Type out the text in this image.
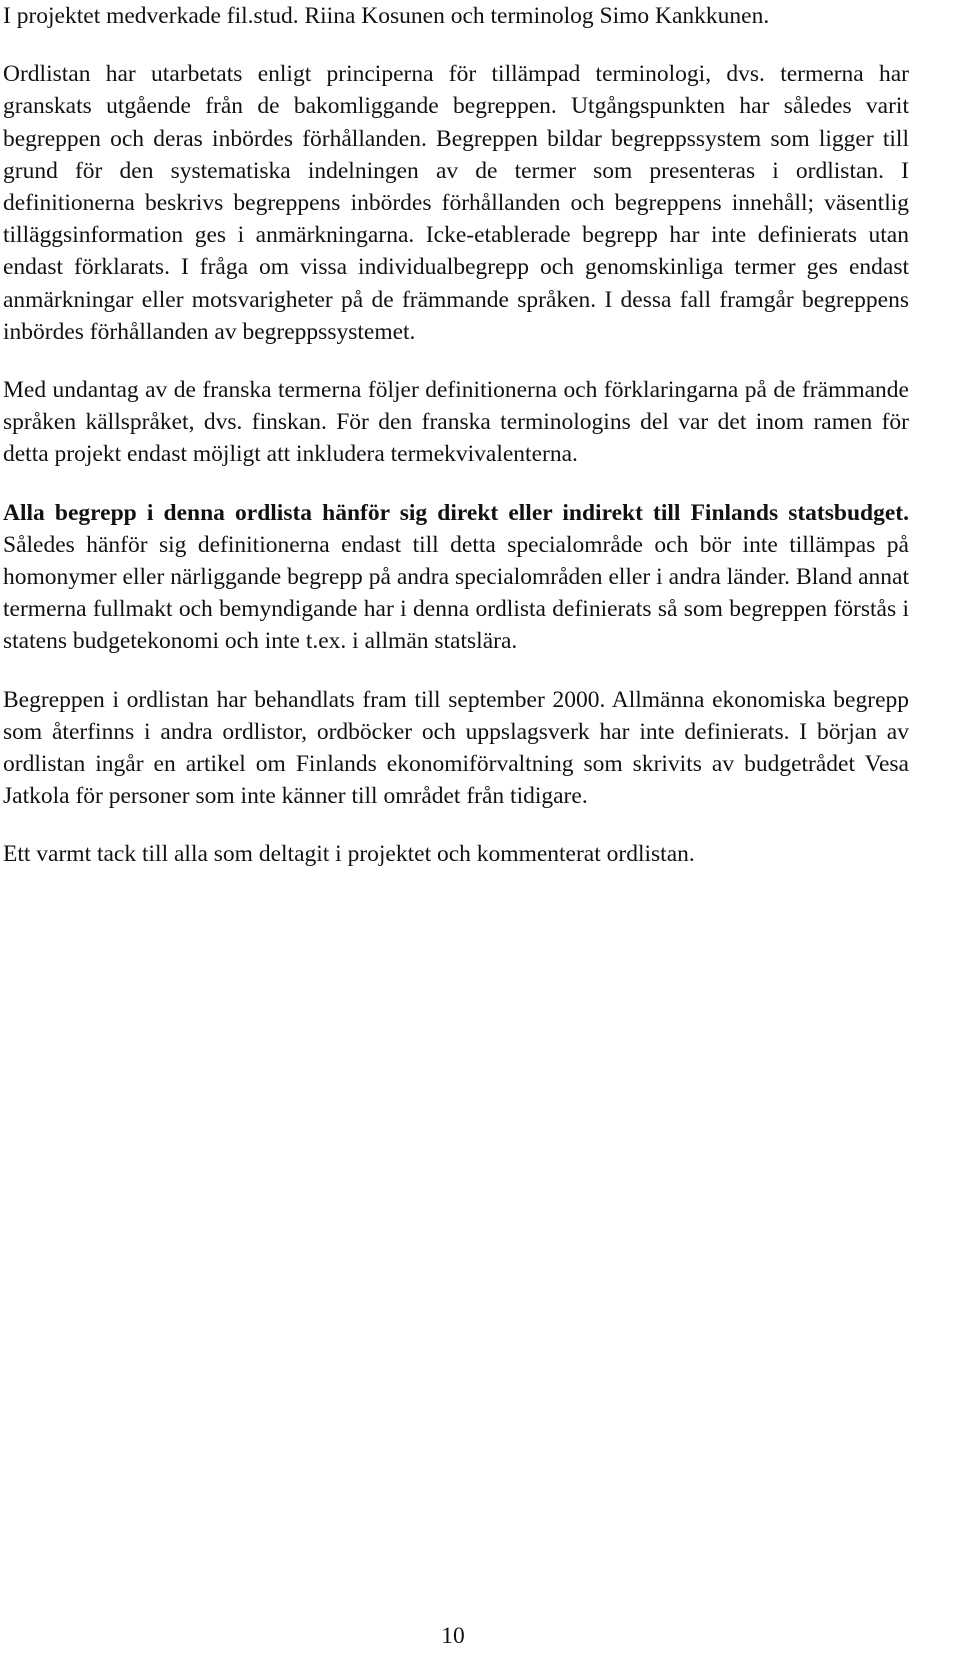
I projektet medverkade fil.stud. Riina Kosunen och terminolog Simo Kankkunen.

Ordlistan har utarbetats enligt principerna för tillämpad terminologi, dvs. termerna har granskats utgående från de bakomliggande begreppen. Utgångspunkten har således varit begreppen och deras inbördes förhållanden. Begreppen bildar begreppssystem som ligger till grund för den systematiska indelningen av de termer som presenteras i ordlistan. I definitionerna beskrivs begreppens inbördes förhållanden och begreppens innehåll; väsentlig tilläggsinformation ges i anmärkningarna. Icke-etablerade begrepp har inte definierats utan endast förklarats. I fråga om vissa individualbegrepp och genomskinliga termer ges endast anmärkningar eller motsvarigheter på de främmande språken. I dessa fall framgår begreppens inbördes förhållanden av begreppssystemet.

Med undantag av de franska termerna följer definitionerna och förklaringarna på de främmande språken källspråket, dvs. finskan. För den franska terminologins del var det inom ramen för detta projekt endast möjligt att inkludera termekvivalenterna.

Alla begrepp i denna ordlista hänför sig direkt eller indirekt till Finlands statsbudget. Således hänför sig definitionerna endast till detta specialområde och bör inte tillämpas på homonymer eller närliggande begrepp på andra specialområden eller i andra länder. Bland annat termerna fullmakt och bemyndigande har i denna ordlista definierats så som begreppen förstås i statens budgetekonomi och inte t.ex. i allmän statslära.

Begreppen i ordlistan har behandlats fram till september 2000. Allmänna ekonomiska begrepp som återfinns i andra ordlistor, ordböcker och uppslagsverk har inte definierats. I början av ordlistan ingår en artikel om Finlands ekonomiförvaltning som skrivits av budgetrådet Vesa Jatkola för personer som inte känner till området från tidigare.

Ett varmt tack till alla som deltagit i projektet och kommenterat ordlistan.

10
